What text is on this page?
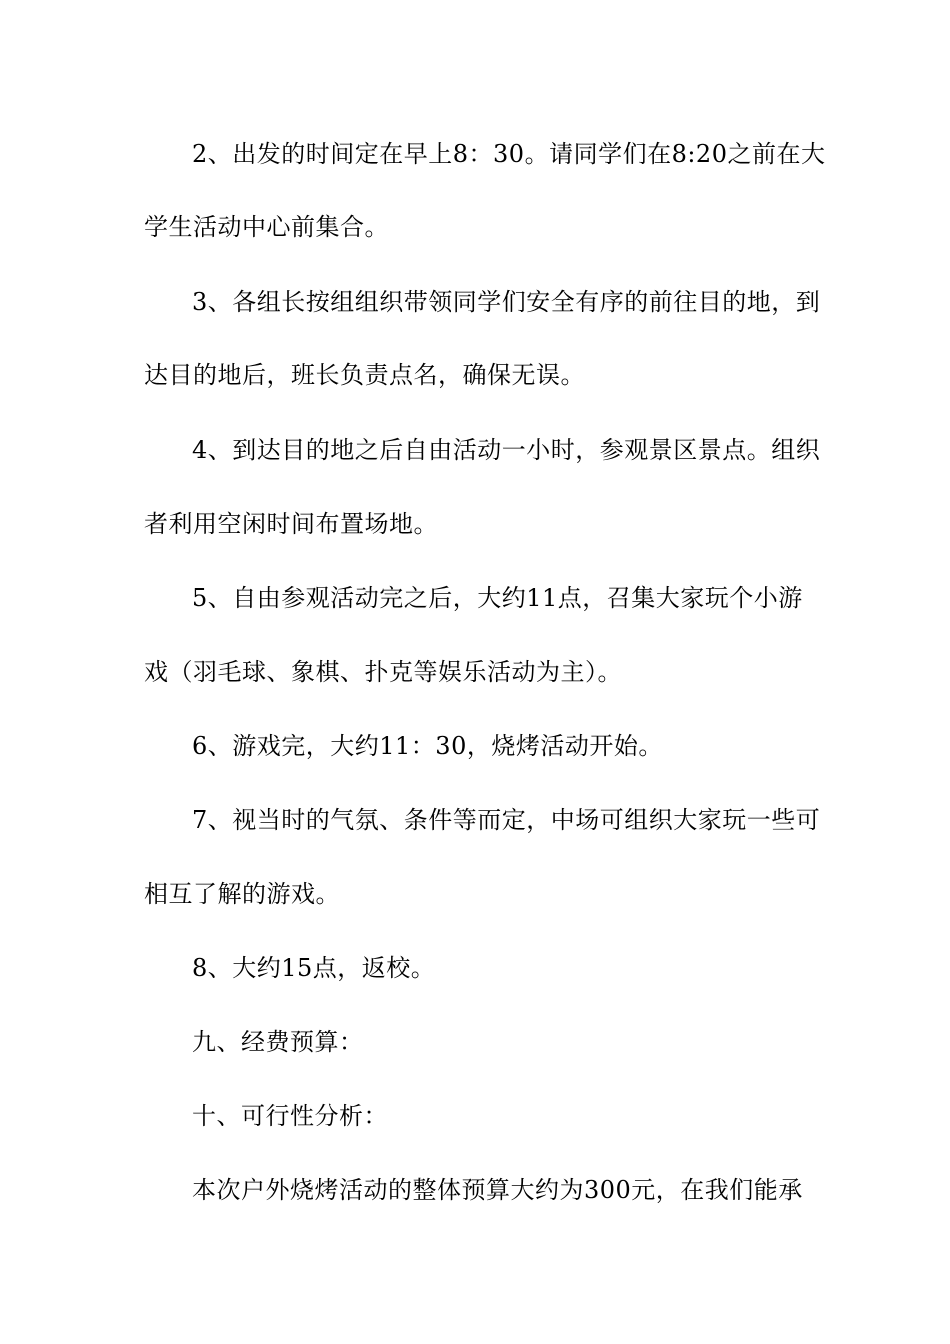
2、出发的时间定在早上8：30。请同学们在8:20之前在大
学生活动中心前集合。
3、各组长按组组织带领同学们安全有序的前往目的地，到
达目的地后，班长负责点名，确保无误。
4、到达目的地之后自由活动一小时，参观景区景点。组织
者利用空闲时间布置场地。
5、自由参观活动完之后，大约11点，召集大家玩个小游
戏（羽毛球、象棋、扑克等娱乐活动为主）。
6、游戏完，大约11：30，烧烤活动开始。
7、视当时的气氛、条件等而定，中场可组织大家玩一些可
相互了解的游戏。
8、大约15点，返校。
九、经费预算：
十、可行性分析：
本次户外烧烤活动的整体预算大约为300元，在我们能承
